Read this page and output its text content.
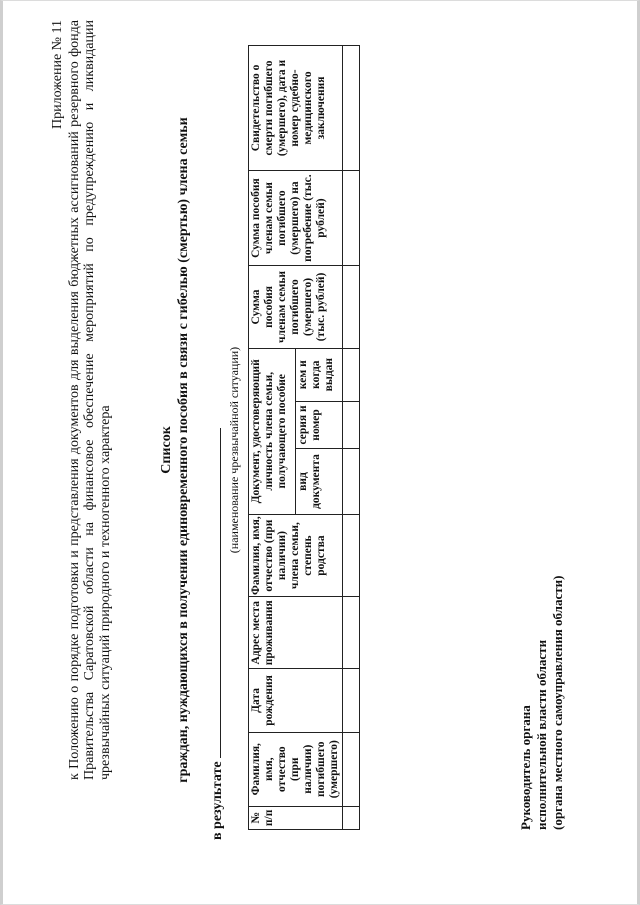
Приложение № 11 к Положению о порядке подготовки и представления документов для выделения бюджетных ассигнований резервного фонда Правительства Саратовской области на финансовое обеспечение мероприятий по предупреждению и ликвидации чрезвычайных ситуаций природного и техногенного характера	Список граждан, нуждающихся в получении единовременного пособия в связи с гибелью (смертью) члена семьи
в результате
(наименование чрезвычайной ситуации)
№ п/п	Фамилия, имя, отчество (при наличии) погибшего (умершего)	Дата рождения	Адрес места проживания	Фамилия, имя, отчество (при наличии) члена семьи, степень родства	Документ, удостоверяющий личность члена семьи, получающего пособие			Сумма пособия членам семьи погибшего (умершего) (тыс. рублей)	Сумма пособия членам семьи погибшего (умершего) на погребение (тыс. рублей)	Свидетельство о смерти погибшего (умершего), дата и номер судебно-медицинского заключения
					вид документа	серия и номер	кем и когда выдан			

Руководитель органа исполнительной власти области (органа местного самоуправления области)
